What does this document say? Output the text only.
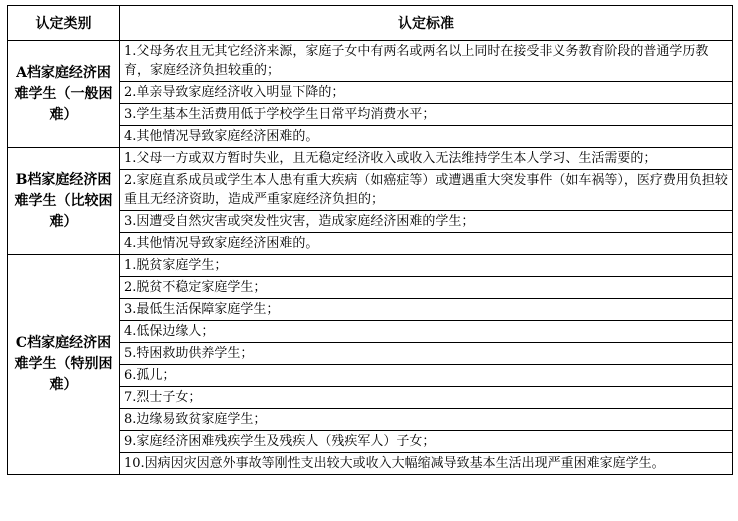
认定类别	认定标准
A档家庭经济困难学生（一般困难）	1.父母务农且无其它经济来源，家庭子女中有两名或两名以上同时在接受非义务教育阶段的普通学历教育，家庭经济负担较重的；
	2.单亲导致家庭经济收入明显下降的；
	3.学生基本生活费用低于学校学生日常平均消费水平；
	4.其他情况导致家庭经济困难的。
B档家庭经济困难学生（比较困难）	1.父母一方或双方暂时失业，且无稳定经济收入或收入无法维持学生本人学习、生活需要的；
	2.家庭直系成员或学生本人患有重大疾病（如癌症等）或遭遇重大突发事件（如车祸等），医疗费用负担较重且无经济资助，造成严重家庭经济负担的；
	3.因遭受自然灾害或突发性灾害，造成家庭经济困难的学生；
	4.其他情况导致家庭经济困难的。
C档家庭经济困难学生（特别困难）	1.脱贫家庭学生；
	2.脱贫不稳定家庭学生；
	3.最低生活保障家庭学生；
	4.低保边缘人；
	5.特困救助供养学生；
	6.孤儿；
	7.烈士子女；
	8.边缘易致贫家庭学生；
	9.家庭经济困难残疾学生及残疾人（残疾军人）子女；
	10.因病因灾因意外事故等刚性支出较大或收入大幅缩减导致基本生活出现严重困难家庭学生。
